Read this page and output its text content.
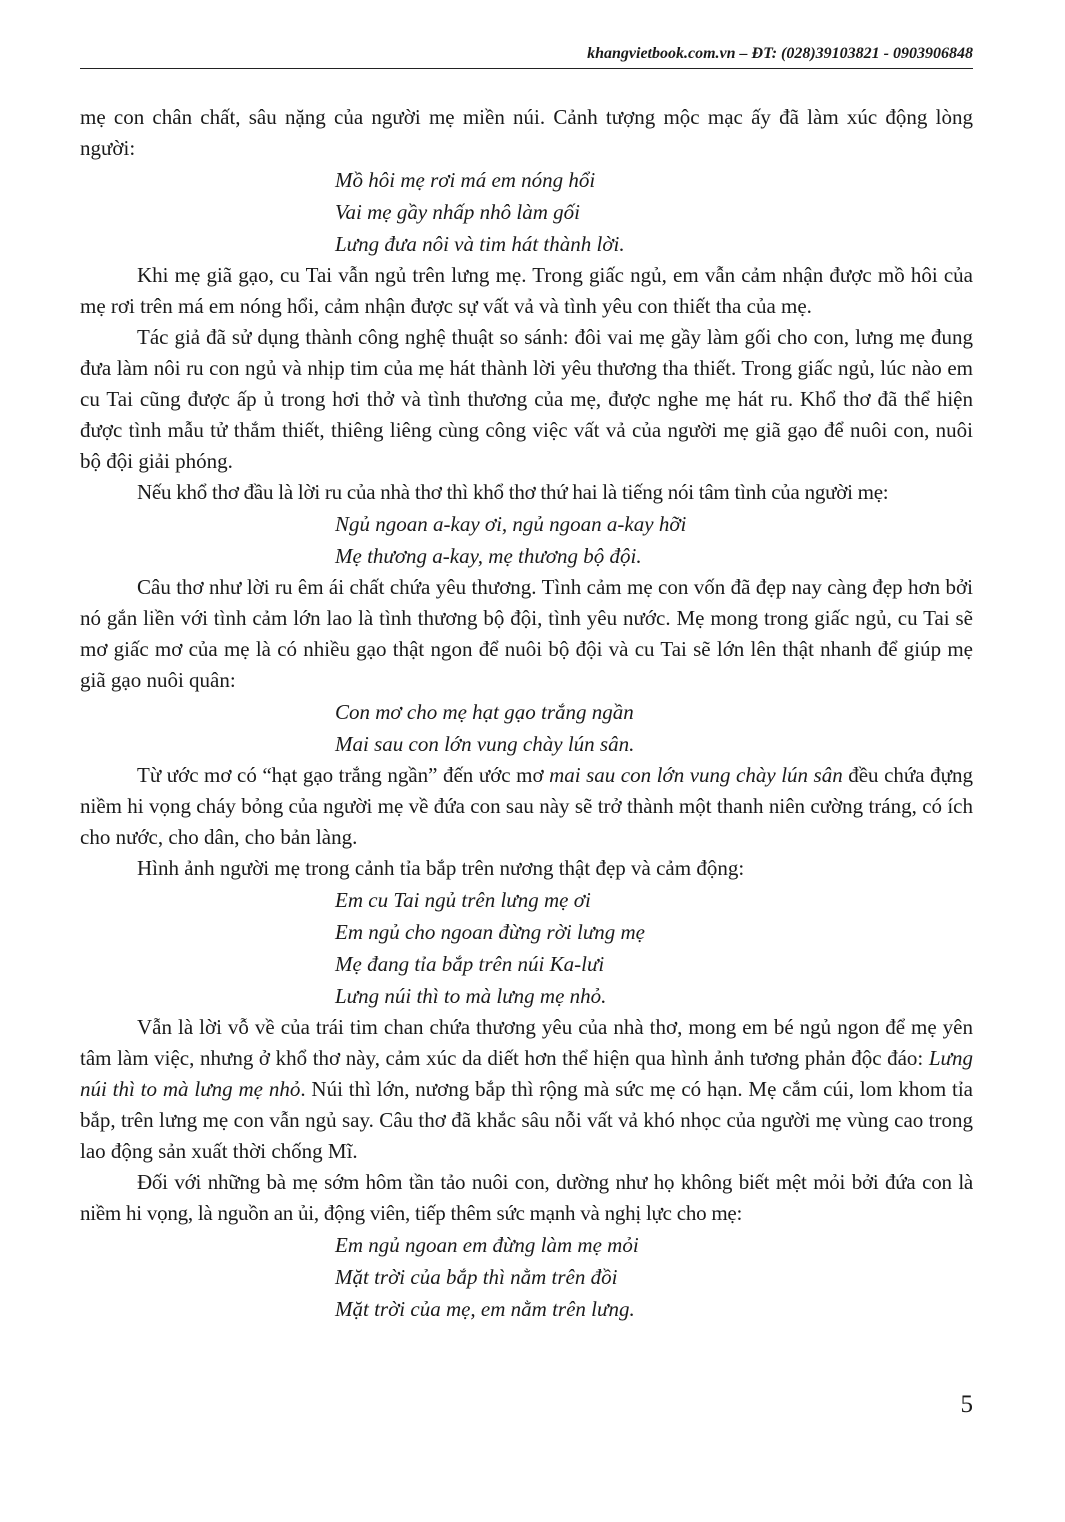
khangvietbook.com.vn – ĐT: (028)39103821 - 0903906848

mẹ con chân chất, sâu nặng của người mẹ miền núi. Cảnh tượng mộc mạc ấy đã làm xúc động lòng người:

Mồ hôi mẹ rơi má em nóng hổi
Vai mẹ gầy nhấp nhô làm gối
Lưng đưa nôi và tim hát thành lời.

Khi mẹ giã gạo, cu Tai vẫn ngủ trên lưng mẹ. Trong giấc ngủ, em vẫn cảm nhận được mồ hôi của mẹ rơi trên má em nóng hổi, cảm nhận được sự vất vả và tình yêu con thiết tha của mẹ.

Tác giả đã sử dụng thành công nghệ thuật so sánh: đôi vai mẹ gầy làm gối cho con, lưng mẹ đung đưa làm nôi ru con ngủ và nhịp tim của mẹ hát thành lời yêu thương tha thiết. Trong giấc ngủ, lúc nào em cu Tai cũng được ấp ủ trong hơi thở và tình thương của mẹ, được nghe mẹ hát ru. Khổ thơ đã thể hiện được tình mẫu tử thắm thiết, thiêng liêng cùng công việc vất vả của người mẹ giã gạo để nuôi con, nuôi bộ đội giải phóng.

Nếu khổ thơ đầu là lời ru của nhà thơ thì khổ thơ thứ hai là tiếng nói tâm tình của người mẹ:

Ngủ ngoan a-kay ơi, ngủ ngoan a-kay hỡi
Mẹ thương a-kay, mẹ thương bộ đội.

Câu thơ như lời ru êm ái chất chứa yêu thương. Tình cảm mẹ con vốn đã đẹp nay càng đẹp hơn bởi nó gắn liền với tình cảm lớn lao là tình thương bộ đội, tình yêu nước. Mẹ mong trong giấc ngủ, cu Tai sẽ mơ giấc mơ của mẹ là có nhiều gạo thật ngon để nuôi bộ đội và cu Tai sẽ lớn lên thật nhanh để giúp mẹ giã gạo nuôi quân:

Con mơ cho mẹ hạt gạo trắng ngần
Mai sau con lớn vung chày lún sân.

Từ ước mơ có “hạt gạo trắng ngần” đến ước mơ mai sau con lớn vung chày lún sân đều chứa đựng niềm hi vọng cháy bỏng của người mẹ về đứa con sau này sẽ trở thành một thanh niên cường tráng, có ích cho nước, cho dân, cho bản làng.

Hình ảnh người mẹ trong cảnh tỉa bắp trên nương thật đẹp và cảm động:

Em cu Tai ngủ trên lưng mẹ ơi
Em ngủ cho ngoan đừng rời lưng mẹ
Mẹ đang tỉa bắp trên núi Ka-lưi
Lưng núi thì to mà lưng mẹ nhỏ.

Vẫn là lời vỗ về của trái tim chan chứa thương yêu của nhà thơ, mong em bé ngủ ngon để mẹ yên tâm làm việc, nhưng ở khổ thơ này, cảm xúc da diết hơn thể hiện qua hình ảnh tương phản độc đáo: Lưng núi thì to mà lưng mẹ nhỏ. Núi thì lớn, nương bắp thì rộng mà sức mẹ có hạn. Mẹ cắm cúi, lom khom tỉa bắp, trên lưng mẹ con vẫn ngủ say. Câu thơ đã khắc sâu nỗi vất vả khó nhọc của người mẹ vùng cao trong lao động sản xuất thời chống Mĩ.

Đối với những bà mẹ sớm hôm tần tảo nuôi con, dường như họ không biết mệt mỏi bởi đứa con là niềm hi vọng, là nguồn an ủi, động viên, tiếp thêm sức mạnh và nghị lực cho mẹ:

Em ngủ ngoan em đừng làm mẹ mỏi
Mặt trời của bắp thì nằm trên đồi
Mặt trời của mẹ, em nằm trên lưng.
5
